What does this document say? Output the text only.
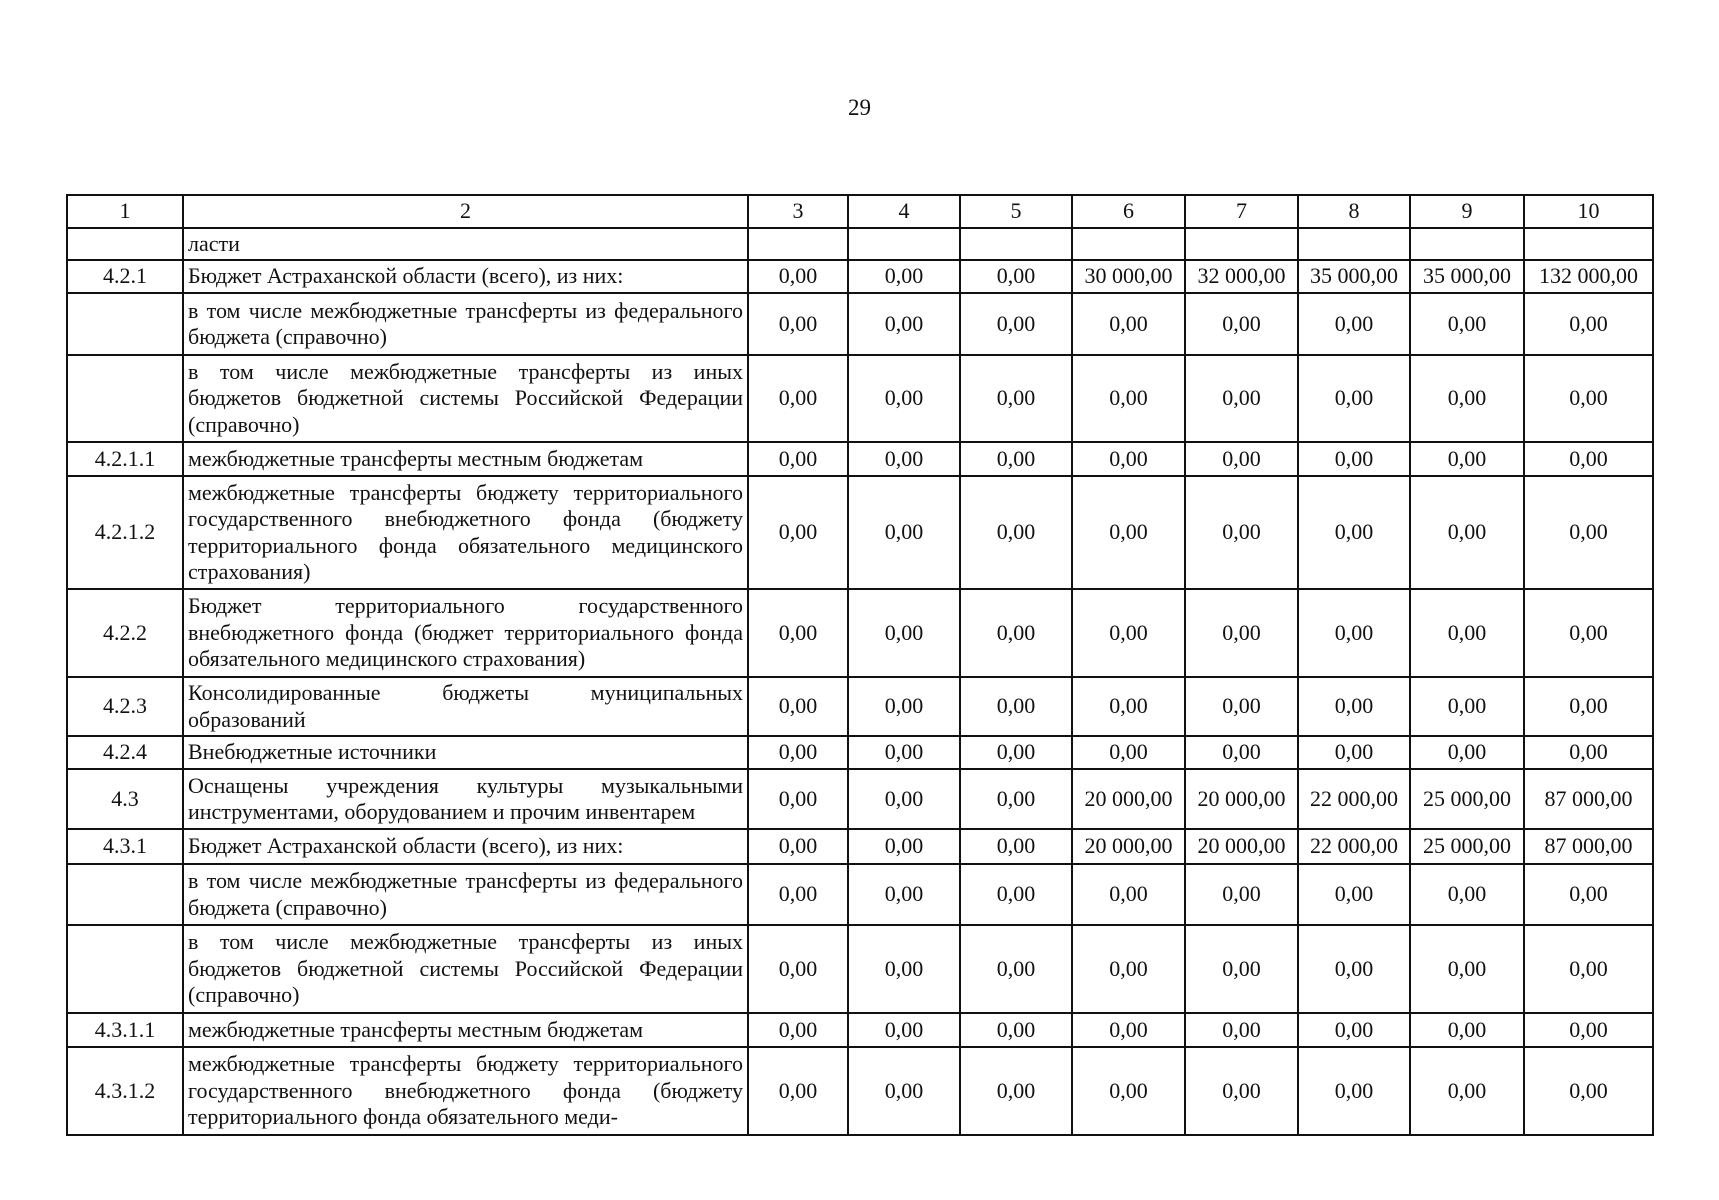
29
1	2	3	4	5	6	7	8	9	10
	ласти								
4.2.1	Бюджет Астраханской области (всего), из них:	0,00	0,00	0,00	30 000,00	32 000,00	35 000,00	35 000,00	132 000,00
	в том числе межбюджетные трансферты из федерального бюджета (справочно)	0,00	0,00	0,00	0,00	0,00	0,00	0,00	0,00
	в том числе межбюджетные трансферты из иных бюджетов бюджетной системы Российской Федерации (справочно)	0,00	0,00	0,00	0,00	0,00	0,00	0,00	0,00
4.2.1.1	межбюджетные трансферты местным бюджетам	0,00	0,00	0,00	0,00	0,00	0,00	0,00	0,00
4.2.1.2	межбюджетные трансферты бюджету территориального государственного внебюджетного фонда (бюджету территориального фонда обязательного медицинского страхования)	0,00	0,00	0,00	0,00	0,00	0,00	0,00	0,00
4.2.2	Бюджет территориального государственного внебюджетного фонда (бюджет территориального фонда обязательного медицинского страхования)	0,00	0,00	0,00	0,00	0,00	0,00	0,00	0,00
4.2.3	Консолидированные бюджеты муниципальных образований	0,00	0,00	0,00	0,00	0,00	0,00	0,00	0,00
4.2.4	Внебюджетные источники	0,00	0,00	0,00	0,00	0,00	0,00	0,00	0,00
4.3	Оснащены учреждения культуры музыкальными инструментами, оборудованием и прочим инвентарем	0,00	0,00	0,00	20 000,00	20 000,00	22 000,00	25 000,00	87 000,00
4.3.1	Бюджет Астраханской области (всего), из них:	0,00	0,00	0,00	20 000,00	20 000,00	22 000,00	25 000,00	87 000,00
	в том числе межбюджетные трансферты из федерального бюджета (справочно)	0,00	0,00	0,00	0,00	0,00	0,00	0,00	0,00
	в том числе межбюджетные трансферты из иных бюджетов бюджетной системы Российской Федерации (справочно)	0,00	0,00	0,00	0,00	0,00	0,00	0,00	0,00
4.3.1.1	межбюджетные трансферты местным бюджетам	0,00	0,00	0,00	0,00	0,00	0,00	0,00	0,00
4.3.1.2	межбюджетные трансферты бюджету территориального государственного внебюджетного фонда (бюджету территориального фонда обязательного меди-	0,00	0,00	0,00	0,00	0,00	0,00	0,00	0,00
